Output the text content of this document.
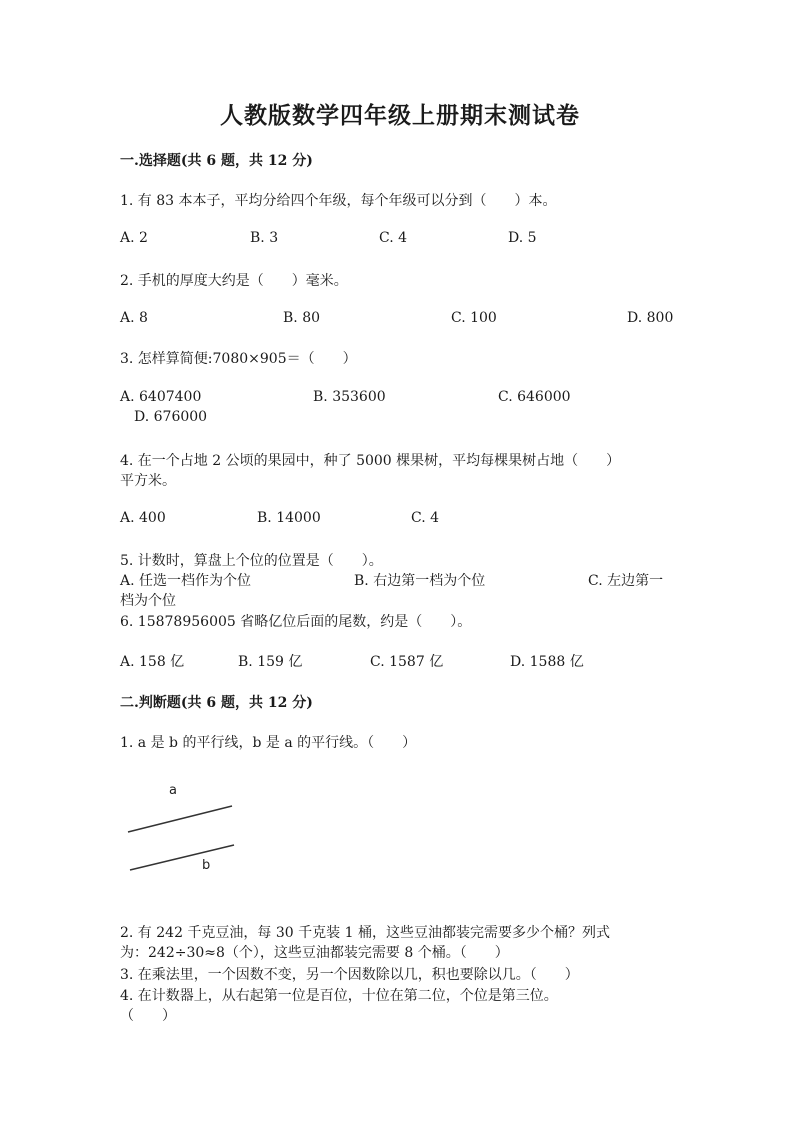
人教版数学四年级上册期末测试卷
一.选择题(共 6 题，共 12 分)
1. 有 83 本本子，平均分给四个年级，每个年级可以分到（　　）本。
A. 2	B. 3	C. 4	D. 5
2. 手机的厚度大约是（　　）毫米。
A. 8	B. 80	C. 100	D. 800
3. 怎样算简便:7080×905＝（　　）
A. 6407400	B. 353600	C. 646000
D. 676000
4. 在一个占地 2 公顷的果园中，种了 5000 棵果树，平均每棵果树占地（　　）
平方米。
A. 400	B. 14000	C. 4
5. 计数时，算盘上个位的位置是（　　）。
A. 任选一档作为个位	B. 右边第一档为个位	C. 左边第一
档为个位
6. 15878956005 省略亿位后面的尾数，约是（　　）。
A. 158 亿	B. 159 亿	C. 1587 亿	D. 1588 亿
二.判断题(共 6 题，共 12 分)
1. a 是 b 的平行线，b 是 a 的平行线。（　　）
a
b
2. 有 242 千克豆油，每 30 千克装 1 桶，这些豆油都装完需要多少个桶？列式
为：242÷30≈8（个），这些豆油都装完需要 8 个桶。（　　）
3. 在乘法里，一个因数不变，另一个因数除以几，积也要除以几。（　　）
4. 在计数器上，从右起第一位是百位，十位在第二位，个位是第三位。
（　　）
